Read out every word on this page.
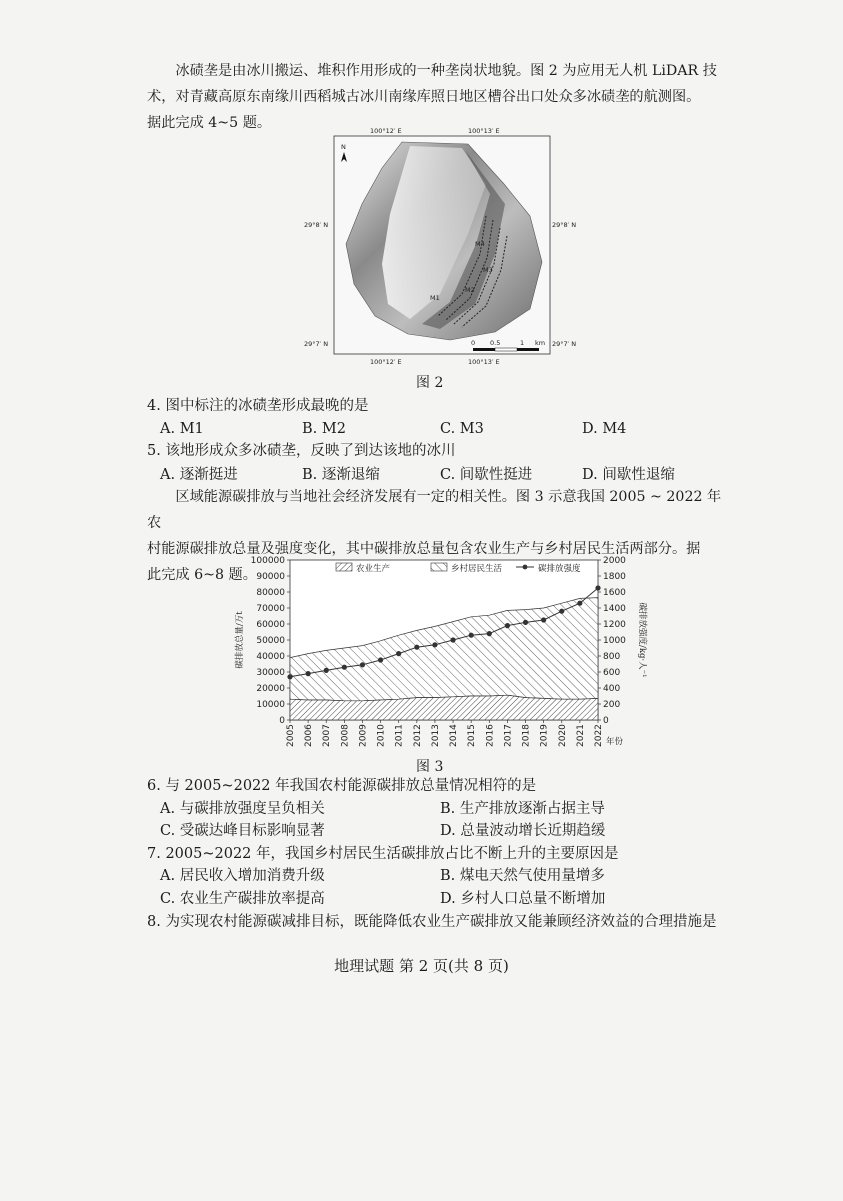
冰碛垄是由冰川搬运、堆积作用形成的一种垄岗状地貌。图 2 为应用无人机 LiDAR 技

术，对青藏高原东南缘川西稻城古冰川南缘库照日地区槽谷出口处众多冰碛垄的航测图。

据此完成 4~5 题。

M1
M2
M3
M4
N
100°12′ E	100°13′ E
100°12′ E	100°13′ E
29°8′ N	29°8′ N
29°7′ N	29°7′ N
0 0.5	1 km
图 2
4. 图中标注的冰碛垄形成最晚的是
A. M1	B. M2	C. M3	D. M4
5. 该地形成众多冰碛垄，反映了到达该地的冰川
A. 逐渐挺进	B. 逐渐退缩	C. 间歇性挺进	D. 间歇性退缩

区域能源碳排放与当地社会经济发展有一定的相关性。图 3 示意我国 2005 ~ 2022 年农

村能源碳排放总量及强度变化，其中碳排放总量包含农业生产与乡村居民生活两部分。据

此完成 6~8 题。

0
10000
20000
30000
40000
50000
60000
70000
80000
90000
100000
0
200
400
600
800
1000
1200
1400
1600
1800
2000
2005 2006 2007 2008 2009 2010 2011 2012 2013 2014 2015 2016 2017 2018 2019 2020 2021 2022
碳排放总量/万t	碳排放强度/kg·人⁻¹
年份
农业生产	乡村居民生活	碳排放强度
图 3
6. 与 2005~2022 年我国农村能源碳排放总量情况相符的是
A. 与碳排放强度呈负相关	B. 生产排放逐渐占据主导
C. 受碳达峰目标影响显著	D. 总量波动增长近期趋缓
7. 2005~2022 年，我国乡村居民生活碳排放占比不断上升的主要原因是
A. 居民收入增加消费升级	B. 煤电天然气使用量增多
C. 农业生产碳排放率提高	D. 乡村人口总量不断增加
8. 为实现农村能源碳减排目标，既能降低农业生产碳排放又能兼顾经济效益的合理措施是
地理试题 第 2 页(共 8 页)
